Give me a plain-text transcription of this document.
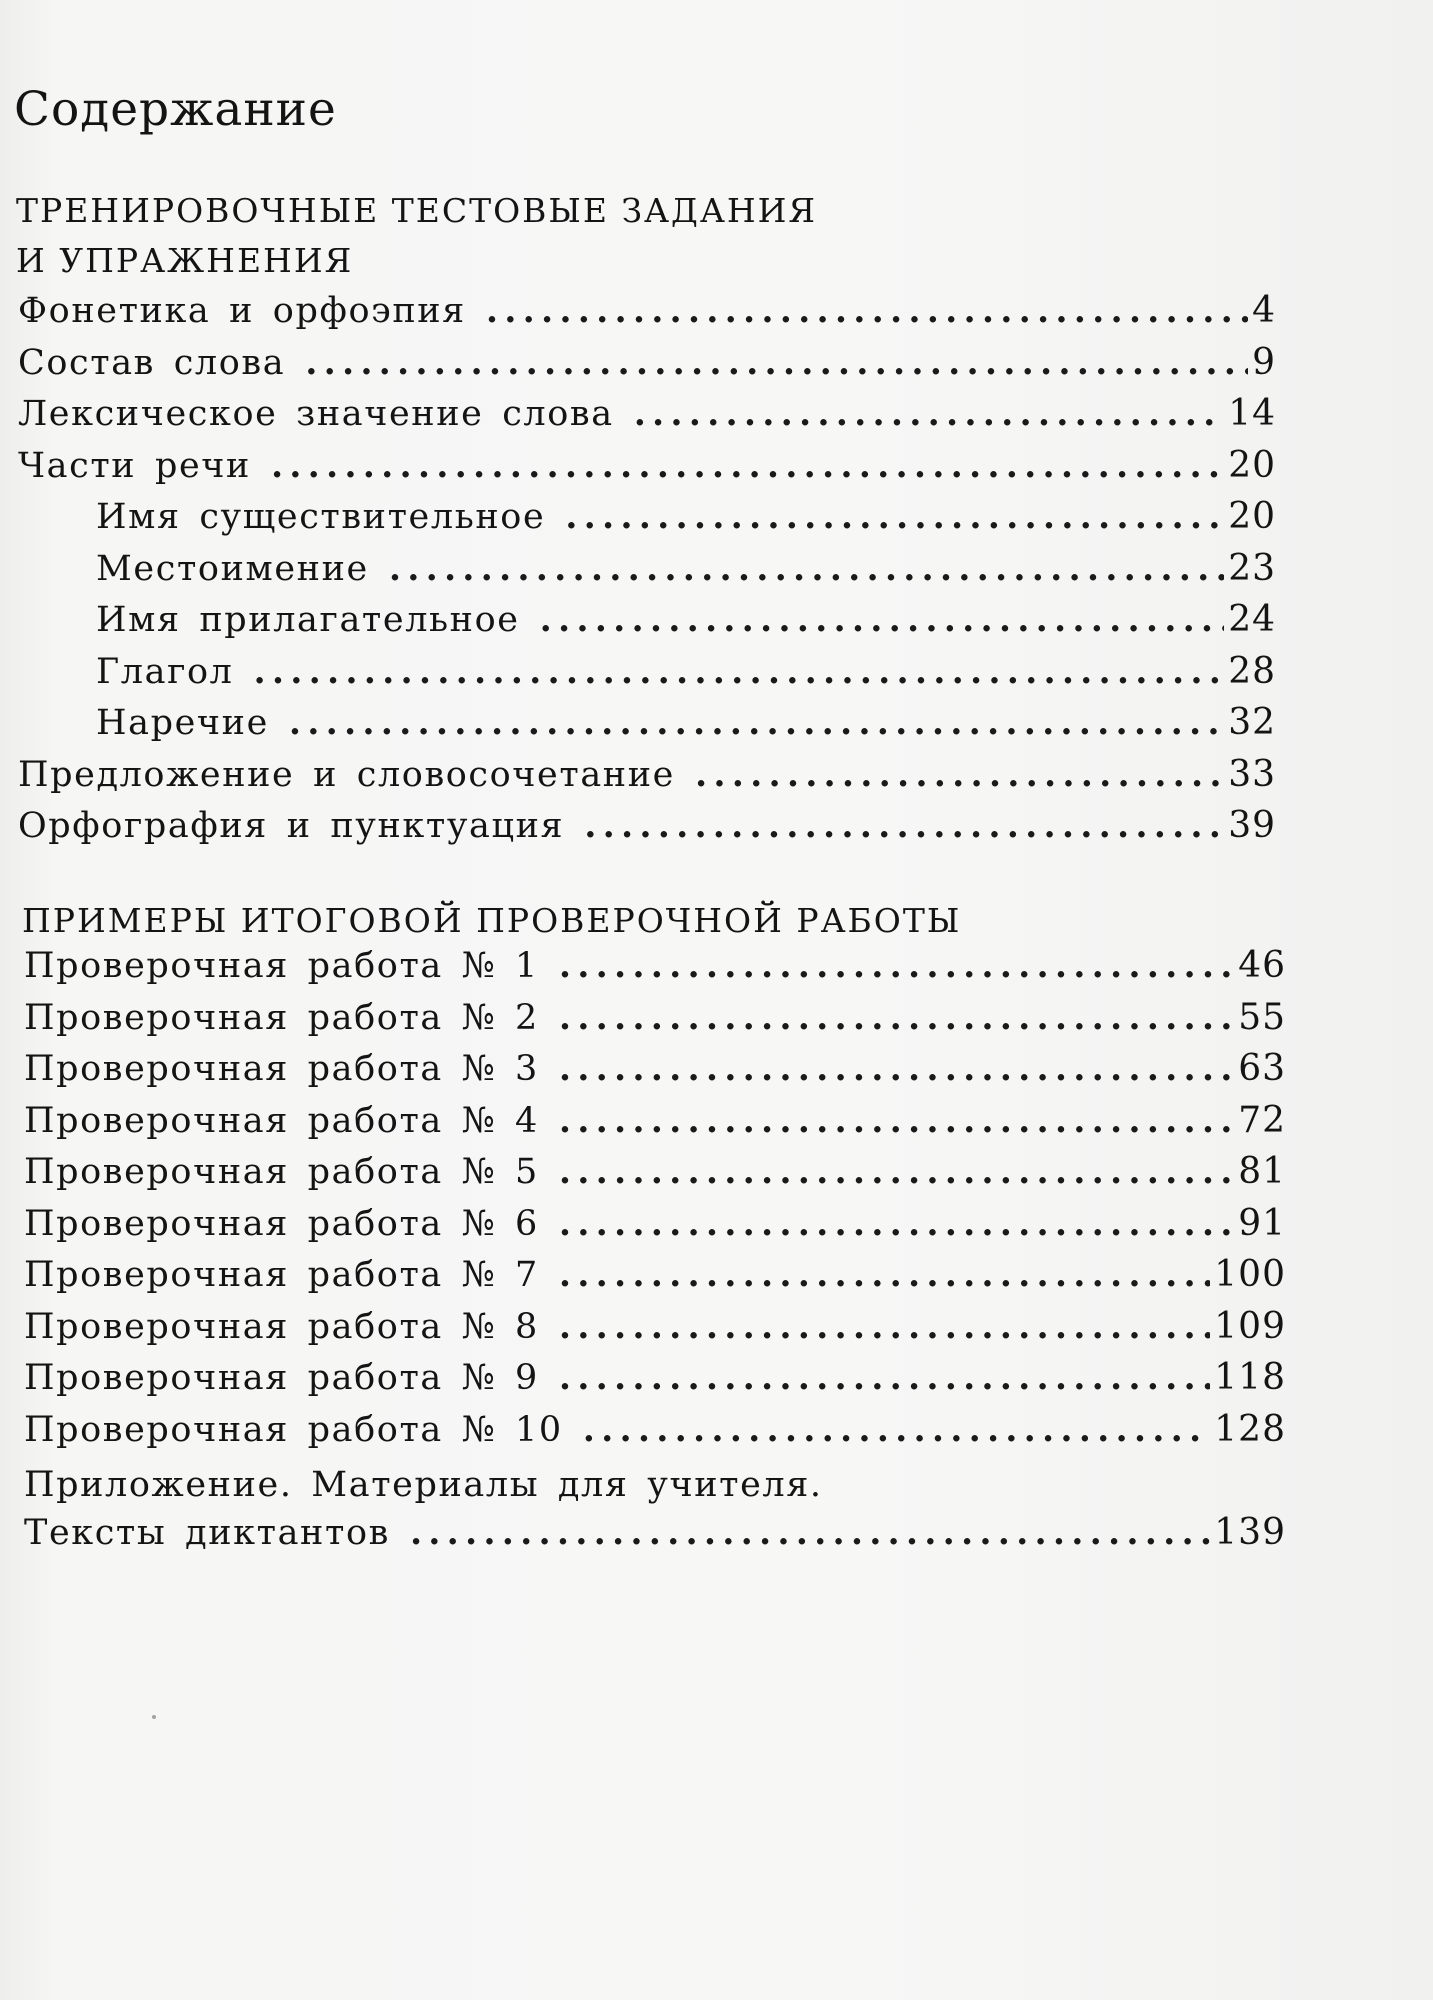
Содержание
ТРЕНИРОВОЧНЫЕ ТЕСТОВЫЕ ЗАДАНИЯ
И УПРАЖНЕНИЯ
Фонетика и орфоэпия . . .	4
Состав слова . . .	9
Лексическое значение слова . . .	14
Части речи . . .	20
Имя существительное . . .	20
Местоимение . . .	23
Имя прилагательное . . .	24
Глагол . . .	28
Наречие . . .	32
Предложение и словосочетание . . .	33
Орфография и пунктуация . . .	39
ПРИМЕРЫ ИТОГОВОЙ ПРОВЕРОЧНОЙ РАБОТЫ
Проверочная работа № 1 . . .	46
Проверочная работа № 2 . . .	55
Проверочная работа № 3 . . .	63
Проверочная работа № 4 . . .	72
Проверочная работа № 5 . . .	81
Проверочная работа № 6 . . .	91
Проверочная работа № 7 . . .	100
Проверочная работа № 8 . . .	109
Проверочная работа № 9 . . .	118
Проверочная работа № 10 . . .	128
Приложение. Материалы для учителя.
Тексты диктантов . . .	139
